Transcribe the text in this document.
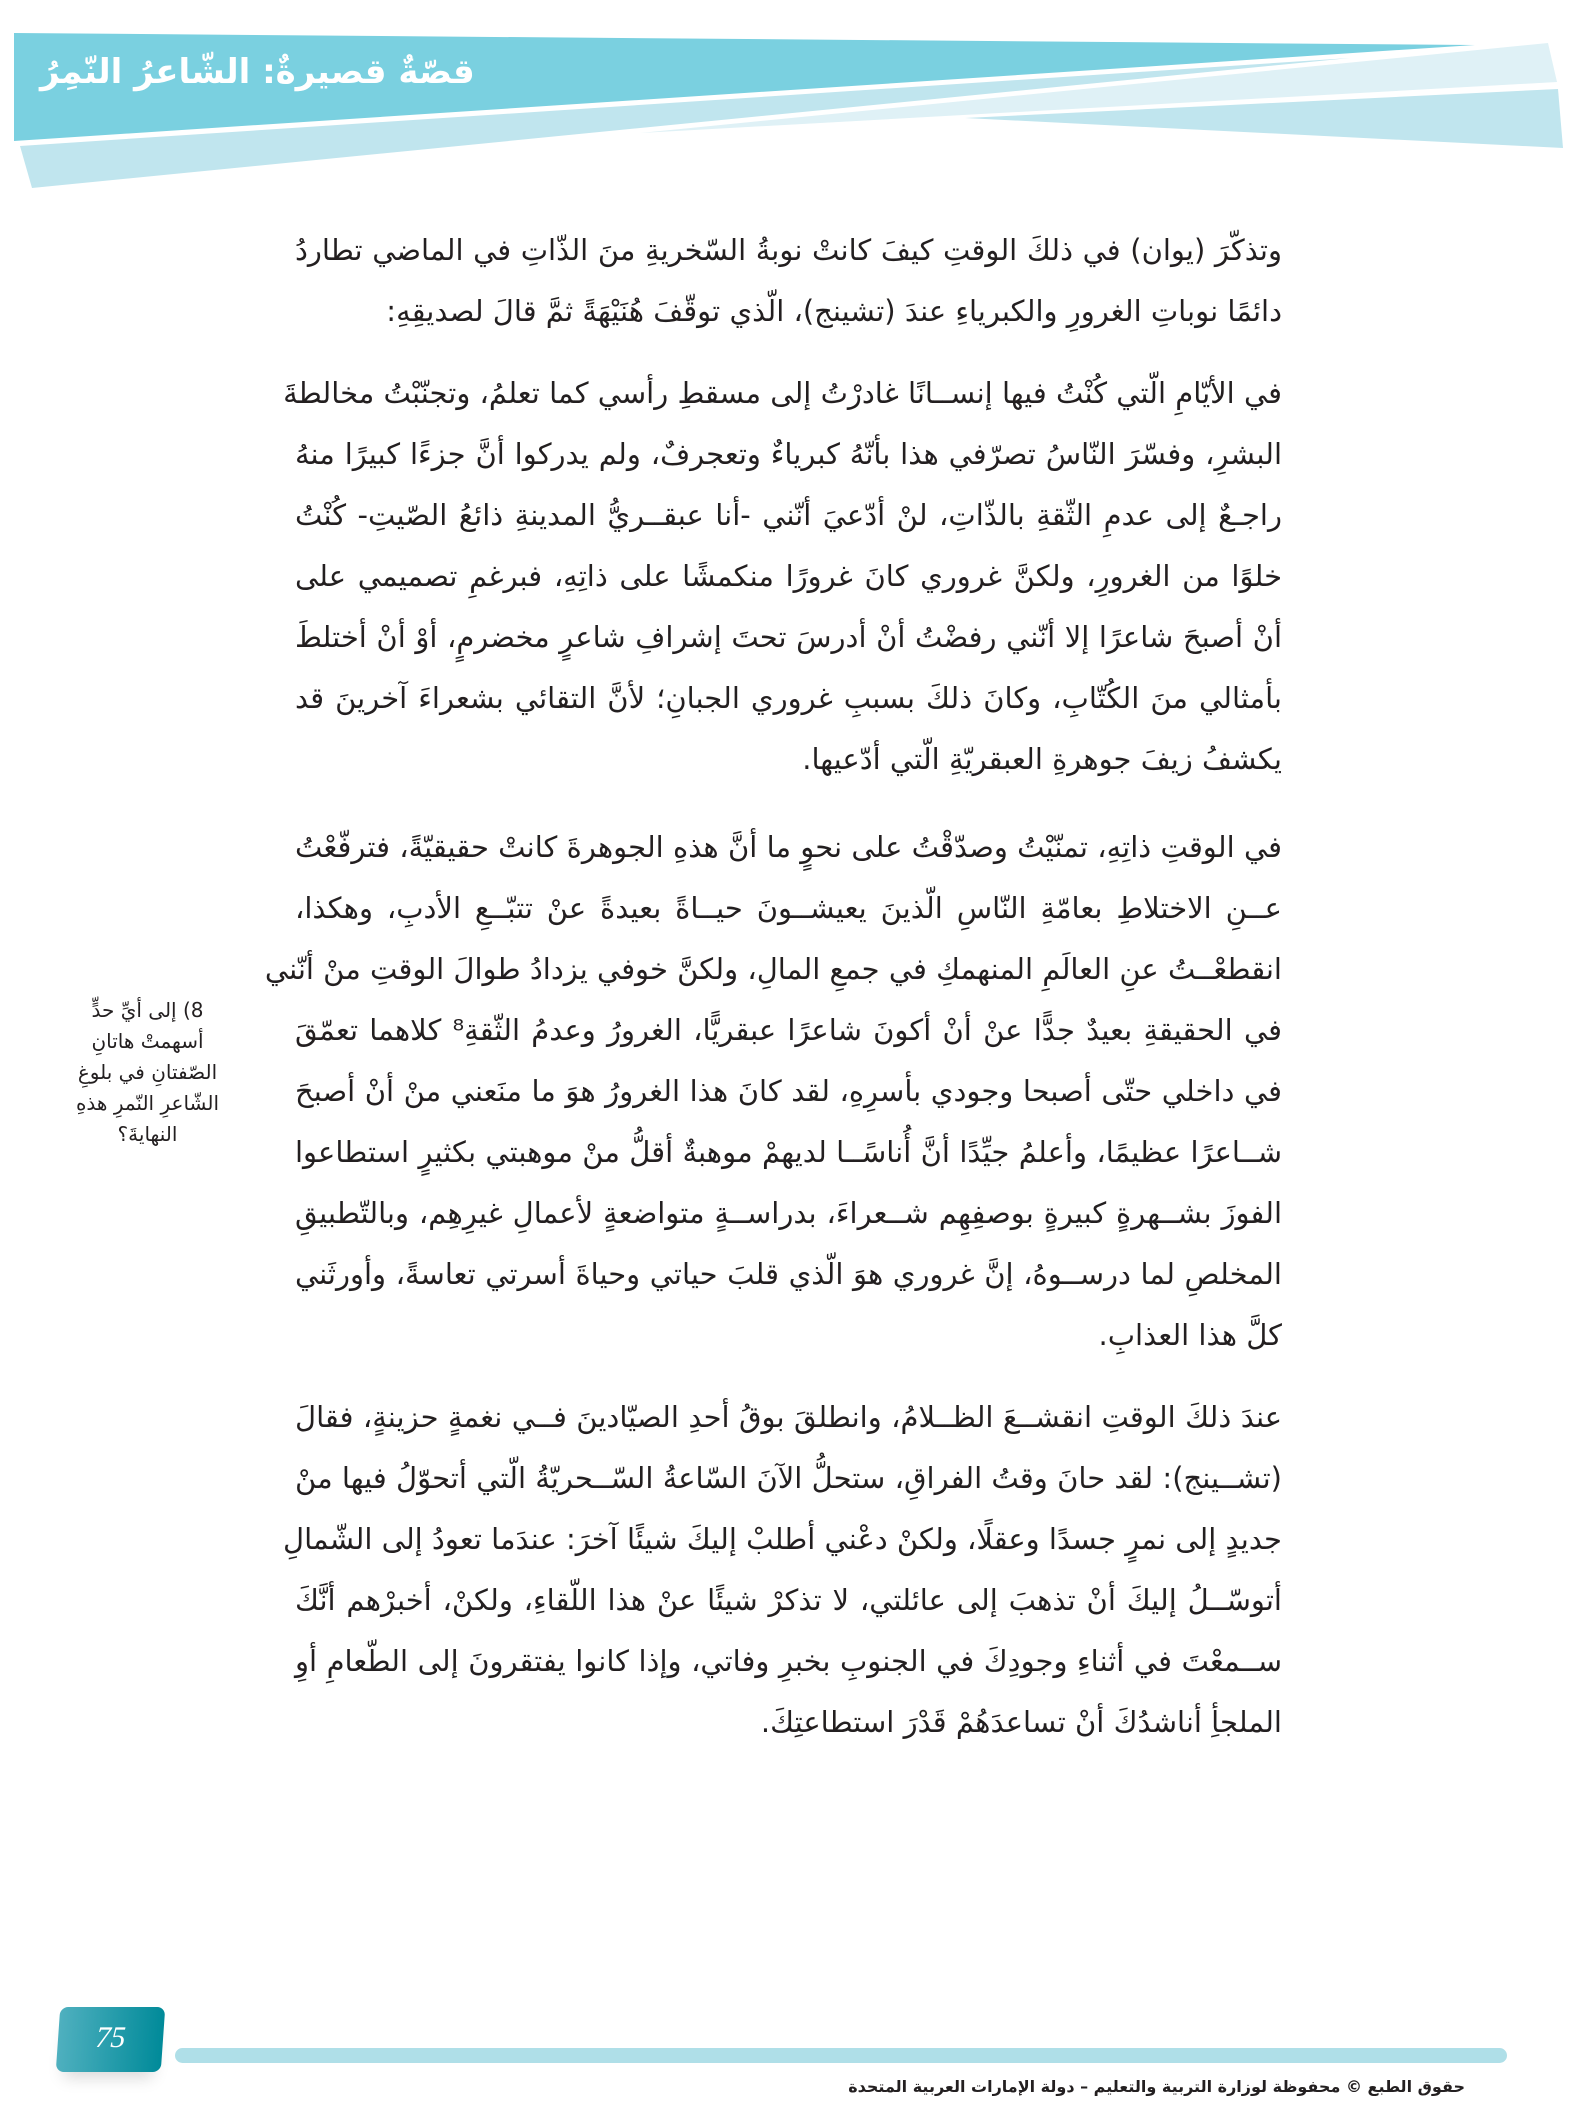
قصّةٌ قصيرةٌ: الشّاعرُ النّمِرُ
وتذكّرَ (يوان) في ذلكَ الوقتِ كيفَ كانتْ نوبةُ السّخريةِ منَ الذّاتِ في الماضي تطاردُ
دائمًا نوباتِ الغرورِ والكبرياءِ عندَ (تشينج)، الّذي توقّفَ هُنَيْهَةً ثمَّ قالَ لصديقِهِ:
في الأيّامِ الّتي كُنْتُ فيها إنســانًا غادرْتُ إلى مسقطِ رأسي كما تعلمُ، وتجنّبْتُ مخالطةَ
البشرِ، وفسّرَ النّاسُ تصرّفي هذا بأنّهُ كبرياءٌ وتعجرفٌ، ولم يدركوا أنَّ جزءًا كبيرًا منهُ
راجـعٌ إلى عدمِ الثّقةِ بالذّاتِ، لنْ أدّعيَ أنّني -أنا عبقــريُّ المدينةِ ذائعُ الصّيتِ- كُنْتُ
خلوًا من الغرورِ، ولكنَّ غروري كانَ غرورًا منكمشًا على ذاتِهِ، فبرغمِ تصميمي على
أنْ أصبحَ شاعرًا إلا أنّني رفضْتُ أنْ أدرسَ تحتَ إشرافِ شاعرٍ مخضرمٍ، أوْ أنْ أختلطَ
بأمثالي منَ الكُتّابِ، وكانَ ذلكَ بسببِ غروري الجبانِ؛ لأنَّ التقائي بشعراءَ آخرينَ قد
يكشفُ زيفَ جوهرةِ العبقريّةِ الّتي أدّعيها.
في الوقتِ ذاتِهِ، تمنّيْتُ وصدّقْتُ على نحوٍ ما أنَّ هذهِ الجوهرةَ كانتْ حقيقيّةً، فترفّعْتُ
عــنِ الاختلاطِ بعامّةِ النّاسِ الّذينَ يعيشــونَ حيــاةً بعيدةً عنْ تتبّــعِ الأدبِ، وهكذا،
انقطعْــتُ عنِ العالَمِ المنهمكِ في جمعِ المالِ، ولكنَّ خوفي يزدادُ طوالَ الوقتِ منْ أنّني
في الحقيقةِ بعيدٌ جدًّا عنْ أنْ أكونَ شاعرًا عبقريًّا، الغرورُ وعدمُ الثّقةِ⁸ كلاهما تعمّقَ
في داخلي حتّى أصبحا وجودي بأسرِهِ، لقد كانَ هذا الغرورُ هوَ ما منَعني منْ أنْ أصبحَ
شــاعرًا عظيمًا، وأعلمُ جيِّدًا أنَّ أُناسًــا لديهمْ موهبةٌ أقلُّ منْ موهبتي بكثيرٍ استطاعوا
الفوزَ بشــهرةٍ كبيرةٍ بوصفِهِم شــعراءَ، بدراســةٍ متواضعةٍ لأعمالِ غيرِهِم، وبالتّطبيقِ
المخلصِ لما درســوهُ، إنَّ غروري هوَ الّذي قلبَ حياتي وحياةَ أسرتي تعاسةً، وأورثَني
كلَّ هذا العذابِ.
عندَ ذلكَ الوقتِ انقشــعَ الظــلامُ، وانطلقَ بوقُ أحدِ الصيّادينَ فــي نغمةٍ حزينةٍ، فقالَ
(تشــينج): لقد حانَ وقتُ الفراقِ، ستحلُّ الآنَ السّاعةُ السّــحريّةُ الّتي أتحوّلُ فيها منْ
جديدٍ إلى نمرٍ جسدًا وعقلًا، ولكنْ دعْني أطلبْ إليكَ شيئًا آخرَ: عندَما تعودُ إلى الشّمالِ
أتوسّــلُ إليكَ أنْ تذهبَ إلى عائلتي، لا تذكرْ شيئًا عنْ هذا اللّقاءِ، ولكنْ، أخبرْهم أنَّكَ
ســمعْتَ في أثناءِ وجودِكَ في الجنوبِ بخبرِ وفاتي، وإذا كانوا يفتقرونَ إلى الطّعامِ أوِ
الملجأِ أناشدُكَ أنْ تساعدَهُمْ قَدْرَ استطاعتِكَ.
8) إلى أيِّ حدٍّ أسهمتْ هاتانِ الصّفتانِ في بلوغِ الشّاعرِ النّمرِ هذهِ النهايةَ؟
75
حقوق الطبع © محفوظة لوزارة التربية والتعليم – دولة الإمارات العربية المتحدة
